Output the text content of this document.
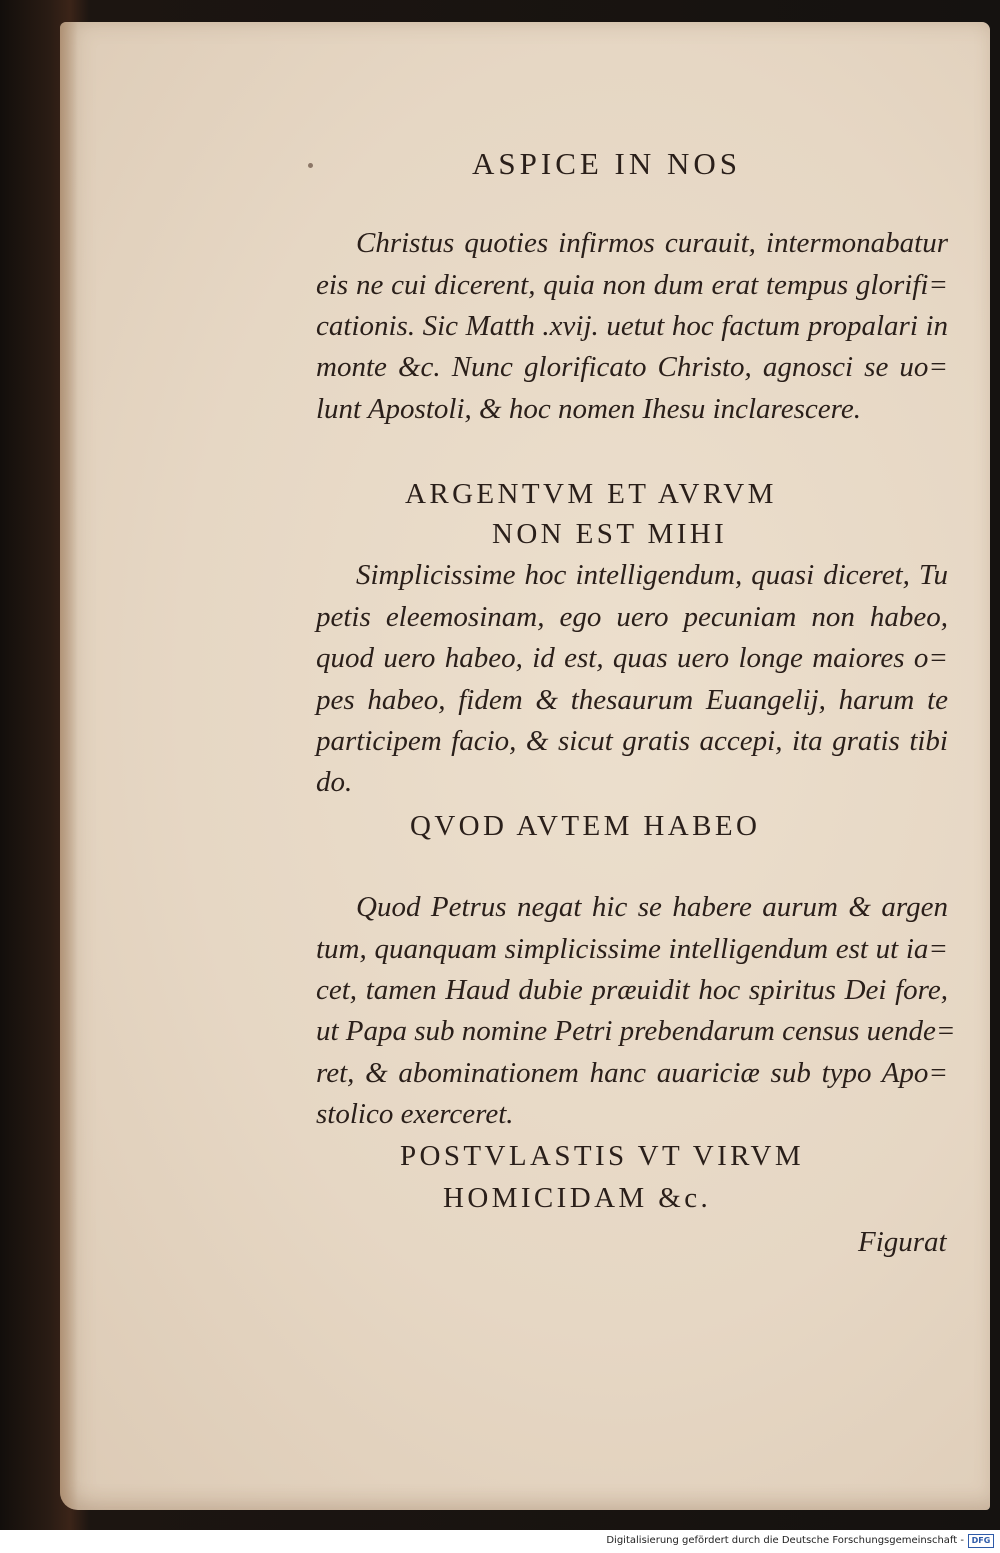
ASPICE IN NOS
Christus quoties infirmos curauit, intermonabatur
eis ne cui dicerent, quia non dum erat tempus glorifi=
cationis. Sic Matth .xvij. uetut hoc factum propalari in
monte &c. Nunc glorificato Christo, agnosci se uo=
lunt Apostoli, & hoc nomen Ihesu inclarescere.
ARGENTVM ET AVRVM
NON EST MIHI
Simplicissime hoc intelligendum, quasi diceret, Tu
petis eleemosinam, ego uero pecuniam non habeo,
quod uero habeo, id est, quas uero longe maiores o=
pes habeo, fidem & thesaurum Euangelij, harum te
participem facio, & sicut gratis accepi, ita gratis tibi
do.
QVOD AVTEM HABEO
Quod Petrus negat hic se habere aurum & argen
tum, quanquam simplicissime intelligendum est ut ia=
cet, tamen Haud dubie præuidit hoc spiritus Dei fore,
ut Papa sub nomine Petri prebendarum census uende=
ret, & abominationem hanc auariciæ sub typo Apo=
stolico exerceret.
POSTVLASTIS VT VIRVM
HOMICIDAM &c.
Figurat
Digitalisierung gefördert durch die Deutsche Forschungsgemeinschaft - DFG
